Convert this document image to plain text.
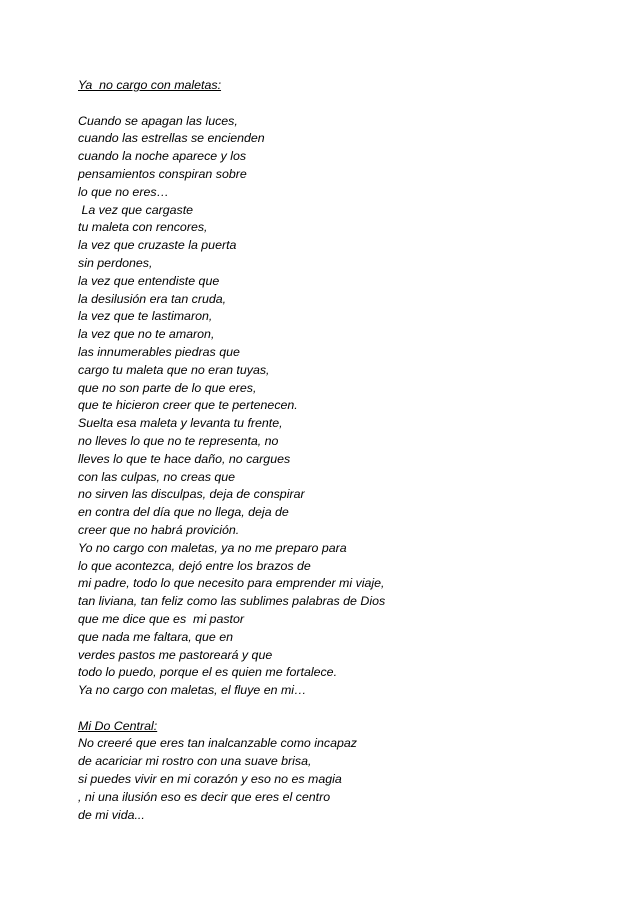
Ya  no cargo con maletas:
Cuando se apagan las luces,
cuando las estrellas se encienden
cuando la noche aparece y los
pensamientos conspiran sobre
lo que no eres…
La vez que cargaste
tu maleta con rencores,
la vez que cruzaste la puerta
sin perdones,
la vez que entendiste que
la desilusión era tan cruda,
la vez que te lastimaron,
la vez que no te amaron,
las innumerables piedras que
cargo tu maleta que no eran tuyas,
que no son parte de lo que eres,
que te hicieron creer que te pertenecen.
Suelta esa maleta y levanta tu frente,
no lleves lo que no te representa, no
lleves lo que te hace daño, no cargues
con las culpas, no creas que
no sirven las disculpas, deja de conspirar
en contra del día que no llega, deja de
creer que no habrá provición.
Yo no cargo con maletas, ya no me preparo para
lo que acontezca, dejó entre los brazos de
mi padre, todo lo que necesito para emprender mi viaje,
tan liviana, tan feliz como las sublimes palabras de Dios
que me dice que es  mi pastor
que nada me faltara, que en
verdes pastos me pastoreará y que
todo lo puedo, porque el es quien me fortalece.
Ya no cargo con maletas, el fluye en mi…
Mi Do Central:
No creeré que eres tan inalcanzable como incapaz
de acariciar mi rostro con una suave brisa,
si puedes vivir en mi corazón y eso no es magia
, ni una ilusión eso es decir que eres el centro
de mi vida...
